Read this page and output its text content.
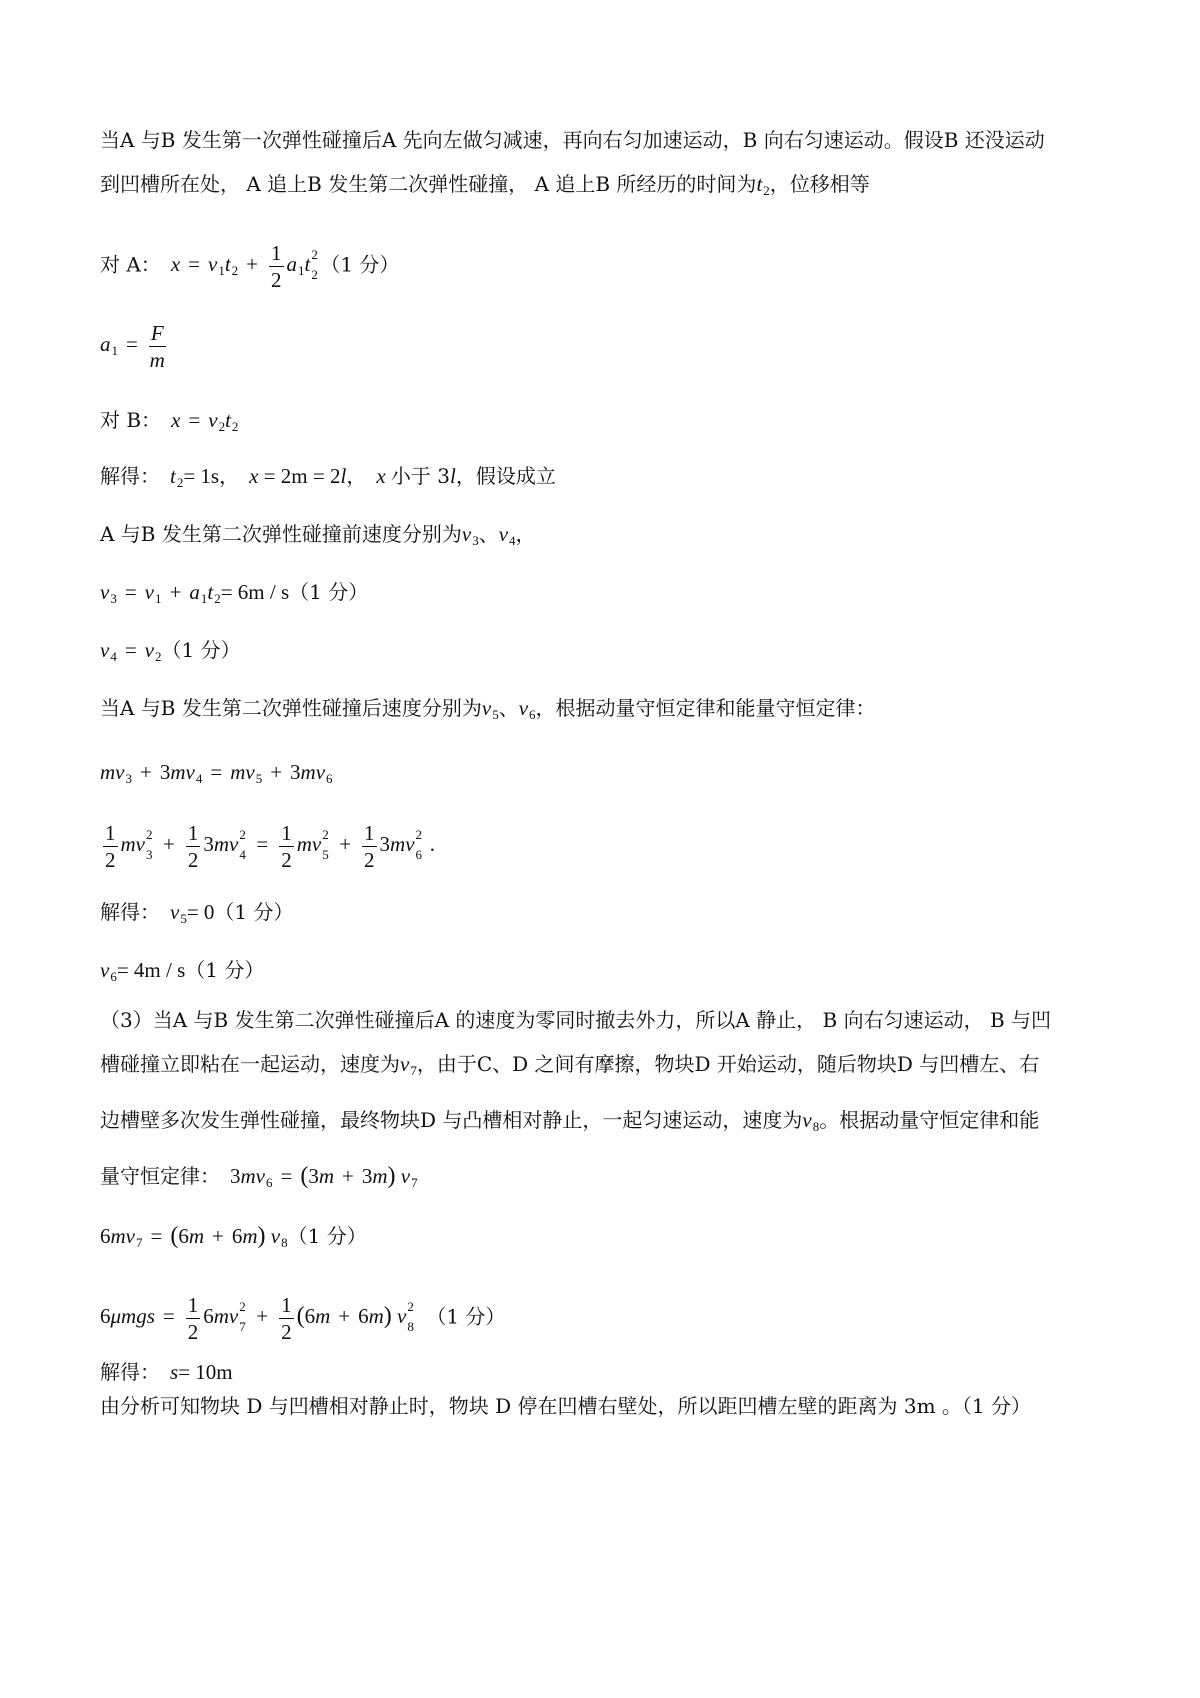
当A 与B 发生第一次弹性碰撞后A 先向左做匀减速，再向右匀加速运动，B 向右匀速运动。假设B 还没运动
到凹槽所在处， A 追上B 发生第二次弹性碰撞， A 追上B 所经历的时间为$t_2$，位移相等
对 A： $x = v_1t_2 + \frac{1}{2} a_1t$ 2
2 （1 分）
$a_1 = \frac{F}{m}$
对 B： $x = v_2t_2$
解得： $t_2= 1s$， x = 2m = 2l， x 小于 3l，假设成立
A 与B 发生第二次弹性碰撞前速度分别为$v_3$、$v_4$，
$v_3 = v_1 + a_1t_2= 6m / s(1$ 分）
$v_4 = v_2(1$ 分）
当A 与B 发生第二次弹性碰撞后速度分别为$v_5$、$v_6$，根据动量守恒定律和能量守恒定律：
$mv_3 + 3mv_4 = mv_5 + 3mv_6$
$\frac{1}{2}$ mv 2
$3 + \frac{1}{2} 3mv$ 2
$4 = \frac{1}{2}$ mv 2
$5 + \frac{1}{2} 3mv$ 2
6 .
解得： $v_5= 0(1$ 分）
$v_6= 4m / s(1$ 分）
（3）当A 与B 发生第二次弹性碰撞后A 的速度为零同时撤去外力，所以A 静止， B 向右匀速运动， B 与凹
槽碰撞立即粘在一起运动，速度为$v_7$，由于C、D 之间有摩擦，物块D 开始运动，随后物块D 与凹槽左、右
边槽壁多次发生弹性碰撞，最终物块D 与凸槽相对静止，一起匀速运动，速度为$v_8$。根据动量守恒定律和能
量守恒定律： $3mv_6 = (3m + 3m)$ $v_7$
$6mv_7 = (6m + 6m)$ $v_8(1$ 分）
$6\mu mgs = \frac{1}{2} 6mv$ 2
$7 + \frac{1}{2} (6m + 6m)$ v 2
8 （1 分）
解得： s= 10m
由分析可知物块 D 与凹槽相对静止时，物块 D 停在凹槽右壁处，所以距凹槽左壁的距离为 3m 。（1 分）
